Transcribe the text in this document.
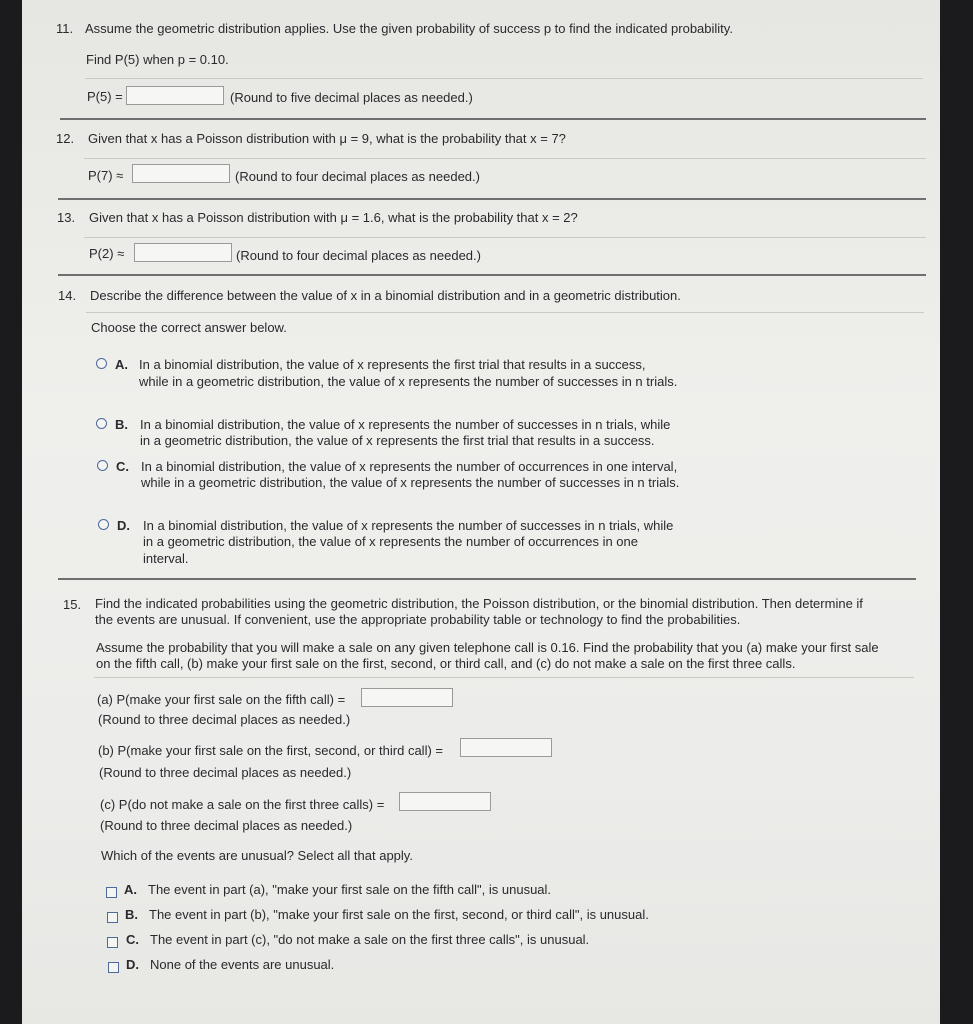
11. Assume the geometric distribution applies. Use the given probability of success p to find the indicated probability.
Find P(5) when p = 0.10.
P(5) =	(Round to five decimal places as needed.)
12. Given that x has a Poisson distribution with μ = 9, what is the probability that x = 7?
P(7) ≈	(Round to four decimal places as needed.)
13. Given that x has a Poisson distribution with μ = 1.6, what is the probability that x = 2?
P(2) ≈	(Round to four decimal places as needed.)
14. Describe the difference between the value of x in a binomial distribution and in a geometric distribution.
Choose the correct answer below.
A. In a binomial distribution, the value of x represents the first trial that results in a success,
while in a geometric distribution, the value of x represents the number of successes in n trials.
B. In a binomial distribution, the value of x represents the number of successes in n trials, while
in a geometric distribution, the value of x represents the first trial that results in a success.
C. In a binomial distribution, the value of x represents the number of occurrences in one interval,
while in a geometric distribution, the value of x represents the number of successes in n trials.
D. In a binomial distribution, the value of x represents the number of successes in n trials, while
in a geometric distribution, the value of x represents the number of occurrences in one
interval.
15. Find the indicated probabilities using the geometric distribution, the Poisson distribution, or the binomial distribution. Then determine if
the events are unusual. If convenient, use the appropriate probability table or technology to find the probabilities.
Assume the probability that you will make a sale on any given telephone call is 0.16. Find the probability that you (a) make your first sale
on the fifth call, (b) make your first sale on the first, second, or third call, and (c) do not make a sale on the first three calls.
(a) P(make your first sale on the fifth call) =
(Round to three decimal places as needed.)
(b) P(make your first sale on the first, second, or third call) =
(Round to three decimal places as needed.)
(c) P(do not make a sale on the first three calls) =
(Round to three decimal places as needed.)
Which of the events are unusual? Select all that apply.
A. The event in part (a), "make your first sale on the fifth call", is unusual.
B. The event in part (b), "make your first sale on the first, second, or third call", is unusual.
C. The event in part (c), "do not make a sale on the first three calls", is unusual.
D. None of the events are unusual.
